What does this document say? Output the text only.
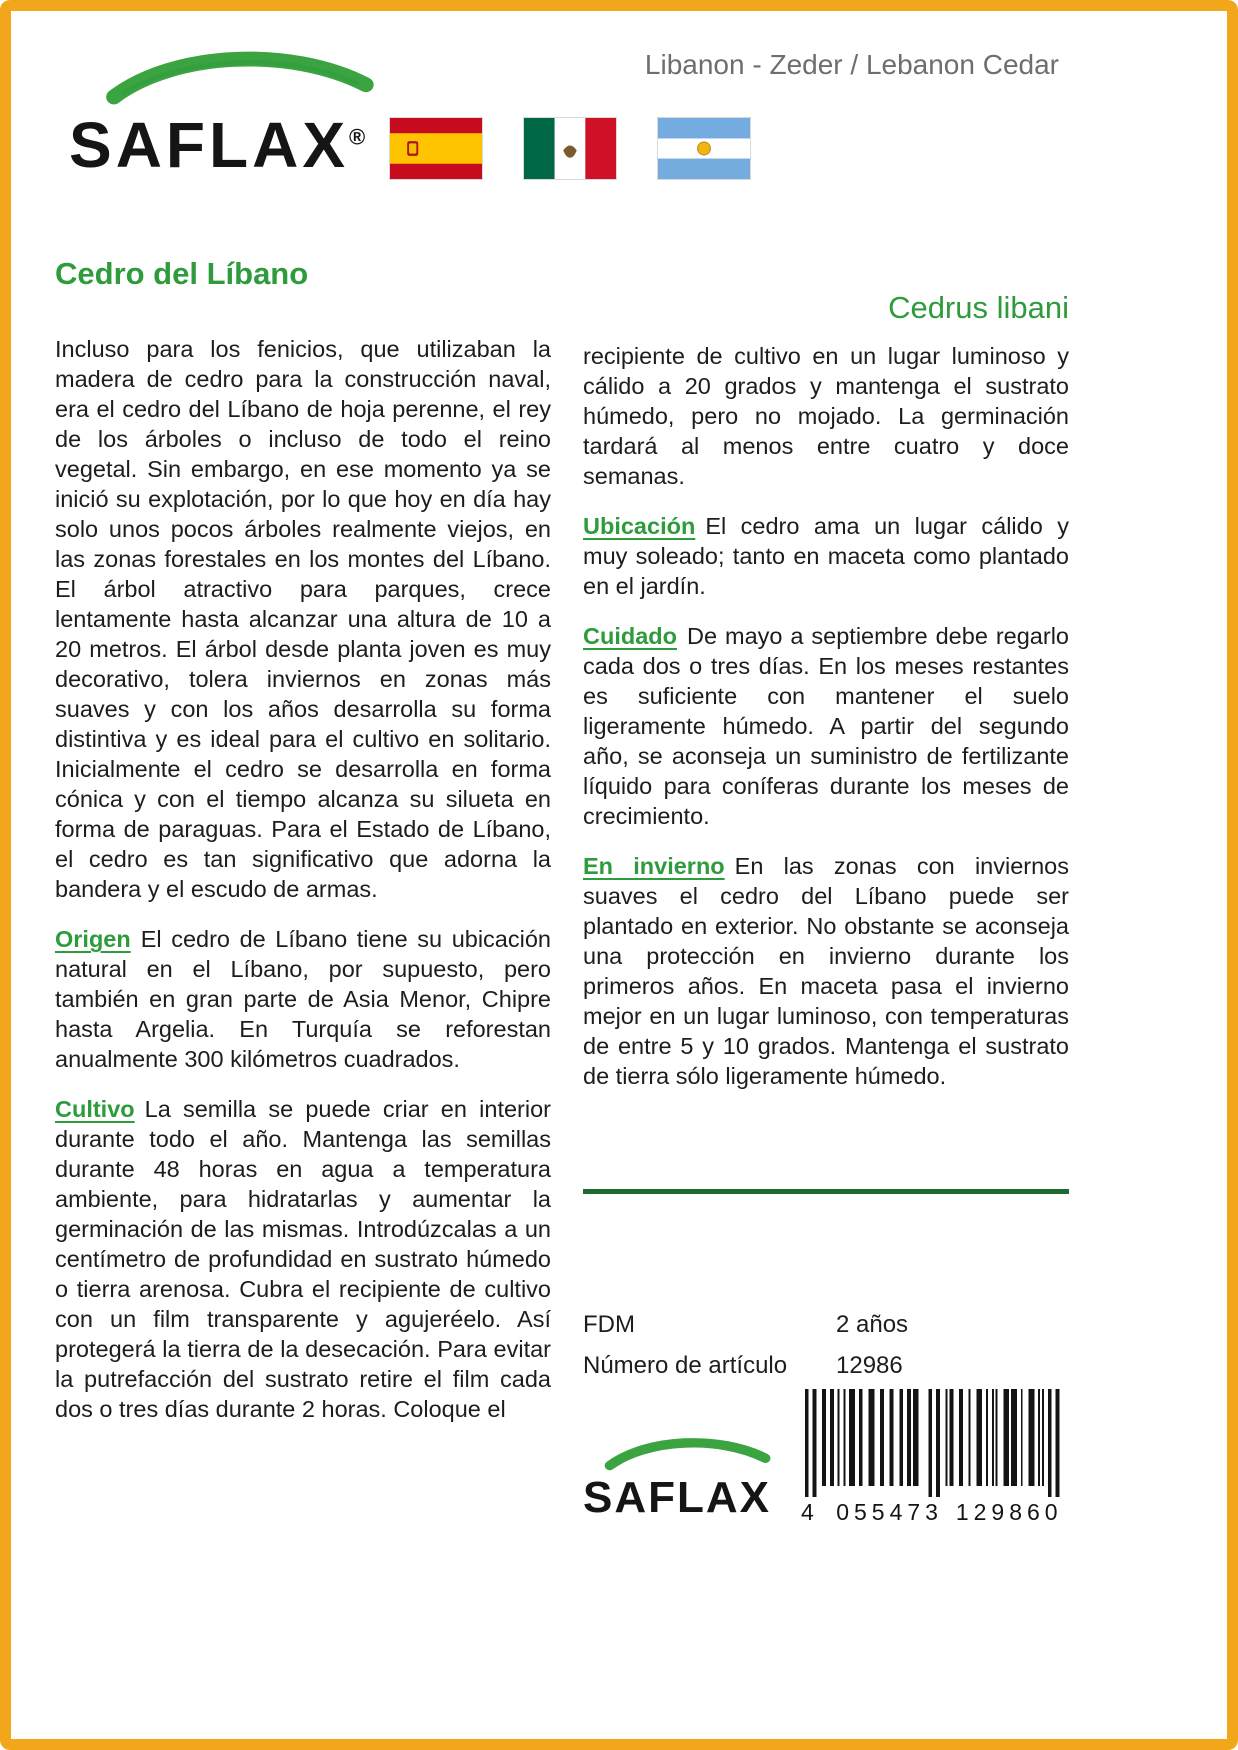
Libanon - Zeder / Lebanon Cedar
SAFLAX®
Cedro del Líbano

Incluso para los fenicios, que utilizaban la madera de cedro para la construcción naval, era el cedro del Líbano de hoja perenne, el rey de los árboles o incluso de todo el reino vegetal. Sin embargo, en ese momento ya se inició su explotación, por lo que hoy en día hay solo unos pocos árboles realmente viejos, en las zonas forestales en los montes del Líbano. El árbol atractivo para parques, crece lentamente hasta alcanzar una altura de 10 a 20 metros. El árbol desde planta joven es muy decorativo, tolera inviernos en zonas más suaves y con los años desarrolla su forma distintiva y es ideal para el cultivo en solitario. Inicialmente el cedro se desarrolla en forma cónica y con el tiempo alcanza su silueta en forma de paraguas. Para el Estado de Líbano, el cedro es tan significativo que adorna la bandera y el escudo de armas.

Origen El cedro de Líbano tiene su ubicación natural en el Líbano, por supuesto, pero también en gran parte de Asia Menor, Chipre hasta Argelia. En Turquía se reforestan anualmente 300 kilómetros cuadrados.

Cultivo La semilla se puede criar en interior durante todo el año. Mantenga las semillas durante 48 horas en agua a temperatura ambiente, para hidratarlas y aumentar la germinación de las mismas. Introdúzcalas a un centímetro de profundidad en sustrato húmedo o tierra arenosa. Cubra el recipiente de cultivo con un film transparente y agujeréelo. Así protegerá la tierra de la desecación. Para evitar la putrefacción del sustrato retire el film cada dos o tres días durante 2 horas. Coloque el

Cedrus libani

recipiente de cultivo en un lugar luminoso y cálido a 20 grados y mantenga el sustrato húmedo, pero no mojado. La germinación tardará al menos entre cuatro y doce semanas.

Ubicación El cedro ama un lugar cálido y muy soleado; tanto en maceta como plantado en el jardín.

Cuidado De mayo a septiembre debe regarlo cada dos o tres días. En los meses restantes es suficiente con mantener el suelo ligeramente húmedo. A partir del segundo año, se aconseja un suministro de fertilizante líquido para coníferas durante los meses de crecimiento.

En invierno En las zonas con inviernos suaves el cedro del Líbano puede ser plantado en exterior. No obstante se aconseja una protección en invierno durante los primeros años. En maceta pasa el invierno mejor en un lugar luminoso, con temperaturas de entre 5 y 10 grados. Mantenga el sustrato de tierra sólo ligeramente húmedo.

FDM	2 años
Número de artículo	12986
SAFLAX	4 055473 129860
